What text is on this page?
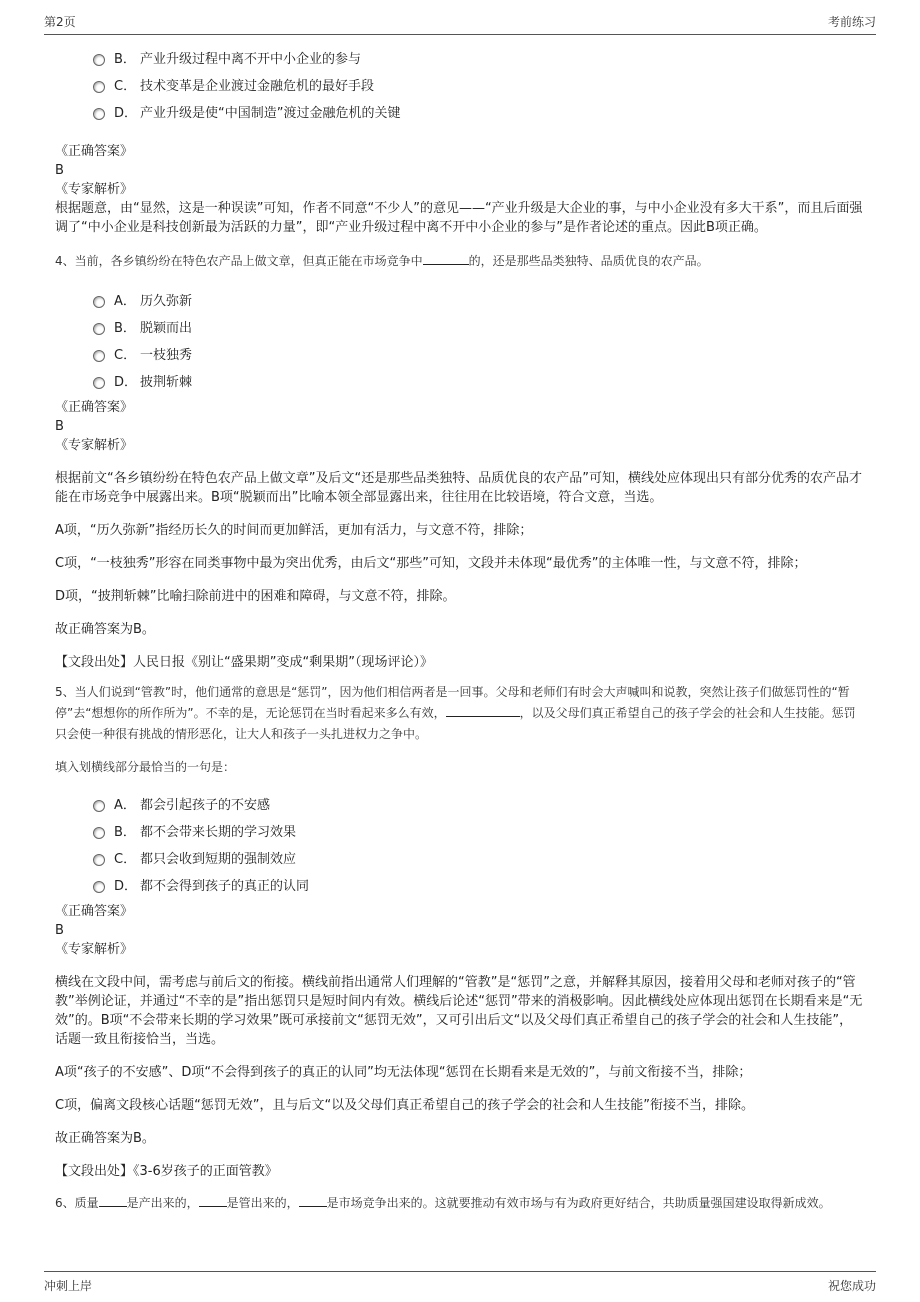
第2页	考前练习
B． 产业升级过程中离不开中小企业的参与
C． 技术变革是企业渡过金融危机的最好手段
D． 产业升级是使“中国制造”渡过金融危机的关键
《正确答案》
B
《专家解析》

根据题意，由“显然，这是一种误读”可知，作者不同意“不少人”的意见——“产业升级是大企业的事，与中小企业没有多大干系”，而且后面强调了“中小企业是科技创新最为活跃的力量”，即“产业升级过程中离不开中小企业的参与”是作者论述的重点。因此B项正确。

4、当前，各乡镇纷纷在特色农产品上做文章，但真正能在市场竞争中	的，还是那些品类独特、品质优良的农产品。

A． 历久弥新
B． 脱颖而出
C． 一枝独秀
D． 披荆斩棘
《正确答案》
B
《专家解析》

根据前文“各乡镇纷纷在特色农产品上做文章”及后文“还是那些品类独特、品质优良的农产品”可知，横线处应体现出只有部分优秀的农产品才能在市场竞争中展露出来。B项“脱颖而出”比喻本领全部显露出来，往往用在比较语境，符合文意，当选。

A项，“历久弥新”指经历长久的时间而更加鲜活，更加有活力，与文意不符，排除；

C项，“一枝独秀”形容在同类事物中最为突出优秀，由后文“那些”可知，文段并未体现“最优秀”的主体唯一性，与文意不符，排除；

D项，“披荆斩棘”比喻扫除前进中的困难和障碍，与文意不符，排除。

故正确答案为B。

【文段出处】人民日报《别让“盛果期”变成“剩果期”（现场评论）》

5、当人们说到“管教”时，他们通常的意思是“惩罚”，因为他们相信两者是一回事。父母和老师们有时会大声喊叫和说教，突然让孩子们做惩罚性的“暂停”去“想想你的所作所为”。不幸的是，无论惩罚在当时看起来多么有效，	，以及父母们真正希望自己的孩子学会的社会和人生技能。惩罚只会使一种很有挑战的情形恶化，让大人和孩子一头扎进权力之争中。

填入划横线部分最恰当的一句是：

A． 都会引起孩子的不安感
B． 都不会带来长期的学习效果
C． 都只会收到短期的强制效应
D． 都不会得到孩子的真正的认同
《正确答案》
B
《专家解析》

横线在文段中间，需考虑与前后文的衔接。横线前指出通常人们理解的“管教”是“惩罚”之意，并解释其原因，接着用父母和老师对孩子的“管教”举例论证，并通过“不幸的是”指出惩罚只是短时间内有效。横线后论述“惩罚”带来的消极影响。因此横线处应体现出惩罚在长期看来是“无效”的。B项“不会带来长期的学习效果”既可承接前文“惩罚无效”，又可引出后文“以及父母们真正希望自己的孩子学会的社会和人生技能”，话题一致且衔接恰当，当选。

A项“孩子的不安感”、D项“不会得到孩子的真正的认同”均无法体现“惩罚在长期看来是无效的”，与前文衔接不当，排除；

C项，偏离文段核心话题“惩罚无效”，且与后文“以及父母们真正希望自己的孩子学会的社会和人生技能”衔接不当，排除。

故正确答案为B。

【文段出处】《3-6岁孩子的正面管教》

6、质量 是产出来的， 是管出来的， 是市场竞争出来的。这就要推动有效市场与有为政府更好结合，共助质量强国建设取得新成效。

冲刺上岸	祝您成功
